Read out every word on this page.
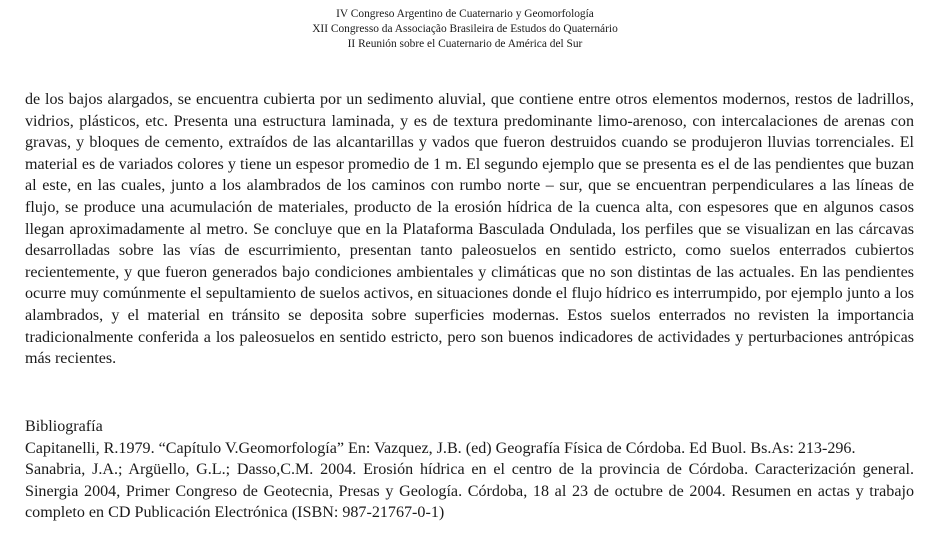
IV Congreso Argentino de Cuaternario y Geomorfología
XII Congresso da Associação Brasileira de Estudos do Quaternário
II Reunión sobre el Cuaternario de América del Sur

de los bajos alargados, se encuentra cubierta por un sedimento aluvial, que contiene entre otros elementos modernos, restos de ladrillos, vidrios, plásticos, etc. Presenta una estructura laminada, y es de textura predominante limo-arenoso, con intercalaciones de arenas con gravas, y bloques de cemento, extraídos de las alcantarillas y vados que fueron destruidos cuando se produjeron lluvias torrenciales. El material es de variados colores y tiene un espesor promedio de 1 m. El segundo ejemplo que se presenta es el de las pendientes que buzan al este, en las cuales, junto a los alambrados de los caminos con rumbo norte – sur, que se encuentran perpendiculares a las líneas de flujo, se produce una acumulación de materiales, producto de la erosión hídrica de la cuenca alta, con espesores que en algunos casos llegan aproximadamente al metro. Se concluye que en la Plataforma Basculada Ondulada, los perfiles que se visualizan en las cárcavas desarrolladas sobre las vías de escurrimiento, presentan tanto paleosuelos en sentido estricto, como suelos enterrados cubiertos recientemente, y que fueron generados bajo condiciones ambientales y climáticas que no son distintas de las actuales. En las pendientes ocurre muy comúnmente el sepultamiento de suelos activos, en situaciones donde el flujo hídrico es interrumpido, por ejemplo junto a los alambrados, y el material en tránsito se deposita sobre superficies modernas. Estos suelos enterrados no revisten la importancia tradicionalmente conferida a los paleosuelos en sentido estricto, pero son buenos indicadores de actividades y perturbaciones antrópicas más recientes.

Bibliografía

Capitanelli, R.1979. “Capítulo V.Geomorfología” En: Vazquez, J.B. (ed) Geografía Física de Córdoba. Ed Buol. Bs.As: 213-296.

Sanabria, J.A.; Argüello, G.L.; Dasso,C.M. 2004. Erosión hídrica en el centro de la provincia de Córdoba. Caracterización general. Sinergia 2004, Primer Congreso de Geotecnia, Presas y Geología. Córdoba, 18 al 23 de octubre de 2004. Resumen en actas y trabajo completo en CD Publicación Electrónica (ISBN: 987-21767-0-1)
